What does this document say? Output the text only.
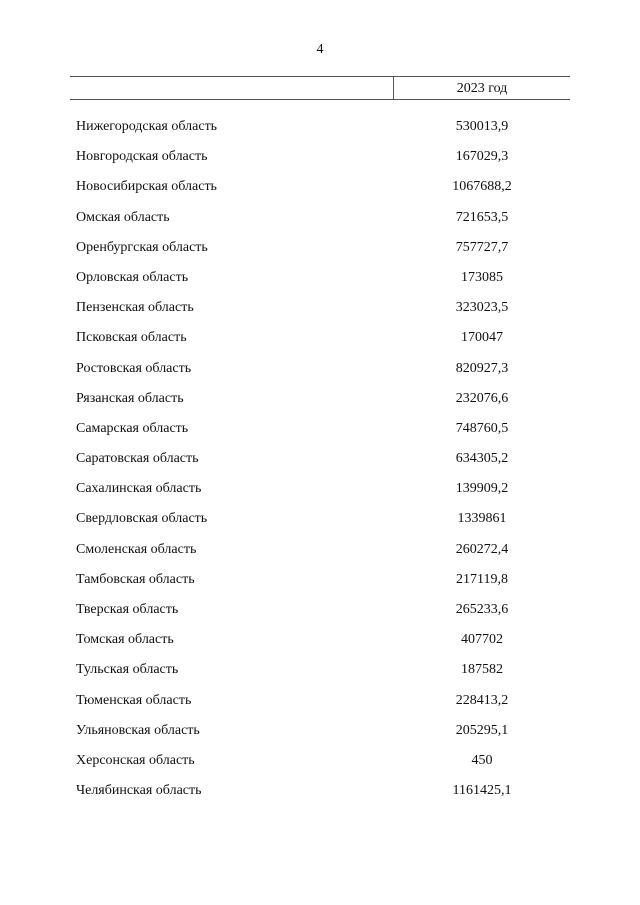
4
2023 год
Нижегородская область	530013,9
Новгородская область	167029,3
Новосибирская область	1067688,2
Омская область	721653,5
Оренбургская область	757727,7
Орловская область	173085
Пензенская область	323023,5
Псковская область	170047
Ростовская область	820927,3
Рязанская область	232076,6
Самарская область	748760,5
Саратовская область	634305,2
Сахалинская область	139909,2
Свердловская область	1339861
Смоленская область	260272,4
Тамбовская область	217119,8
Тверская область	265233,6
Томская область	407702
Тульская область	187582
Тюменская область	228413,2
Ульяновская область	205295,1
Херсонская область	450
Челябинская область	1161425,1
